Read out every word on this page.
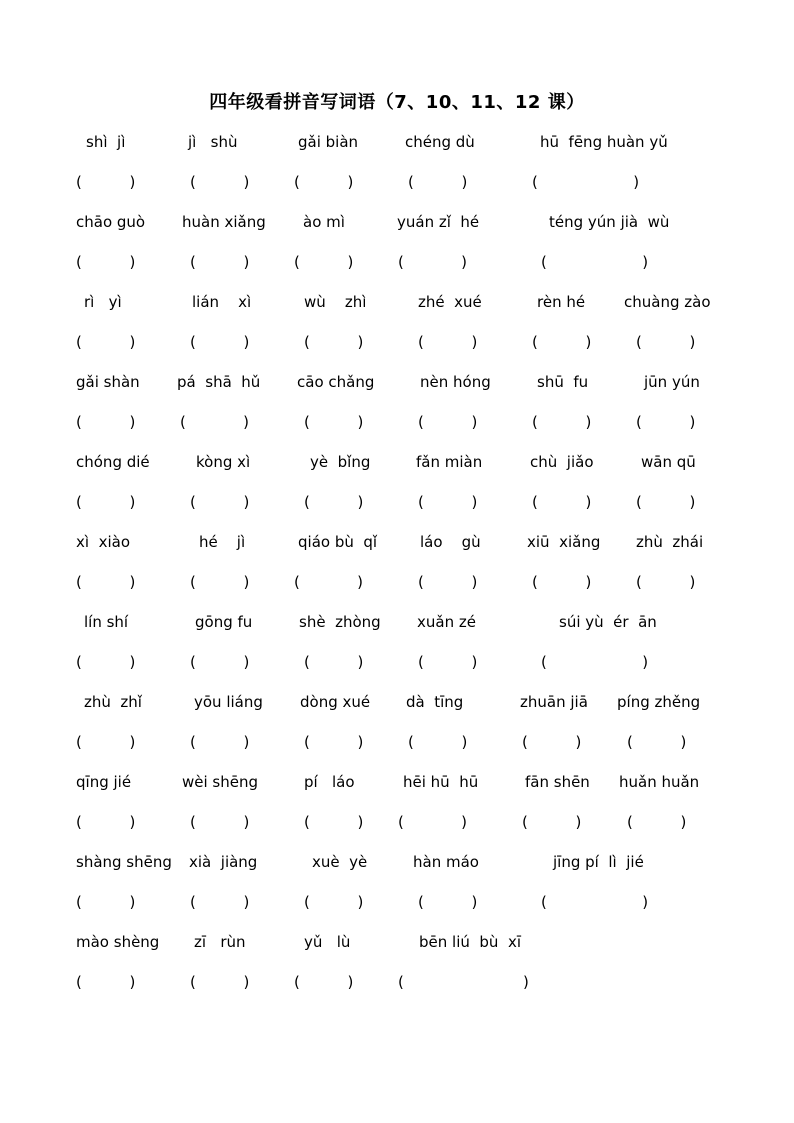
四年级看拼音写词语（7、10、11、12 课）
shì  jì
(          )
jì   shù
(          )
gǎi biàn
(          )
chéng dù
(          )
hū  fēng huàn yǔ
(                    )
chāo guò
(          )
huàn xiǎng
(          )
ào mì
(          )
yuán zǐ  hé
(            )
téng yún jià  wù
(                    )
rì   yì
(          )
lián    xì
(          )
wù    zhì
(          )
zhé  xué
(          )
rèn hé
(          )
chuàng zào
(          )
gǎi shàn
(          )
pá  shā  hǔ
(            )
cāo chǎng
(          )
nèn hóng
(          )
shū  fu
(          )
jūn yún
(          )
chóng dié
(          )
kòng xì
(          )
yè  bǐng
(          )
fǎn miàn
(          )
chù  jiǎo
(          )
wān qū
(          )
xì  xiào
(          )
hé    jì
(          )
qiáo bù  qǐ
(            )
láo    gù
(          )
xiū  xiǎng
(          )
zhù  zhái
(          )
lín shí
(          )
gōng fu
(          )
shè  zhòng
(          )
xuǎn zé
(          )
súi yù  ér  ān
(                    )
zhù  zhǐ
(          )
yōu liáng
(          )
dòng xué
(          )
dà  tīng
(          )
zhuān jiā
(          )
píng zhěng
(          )
qīng jié
(          )
wèi shēng
(          )
pí   láo
(          )
hēi hū  hū
(            )
fān shēn
(          )
huǎn huǎn
(          )
shàng shēng
(          )
xià  jiàng
(          )
xuè  yè
(          )
hàn máo
(          )
jīng pí  lì  jié
(                    )
mào shèng
(          )
zī   rùn
(          )
yǔ   lù
(          )
bēn liú  bù  xī
(                         )
